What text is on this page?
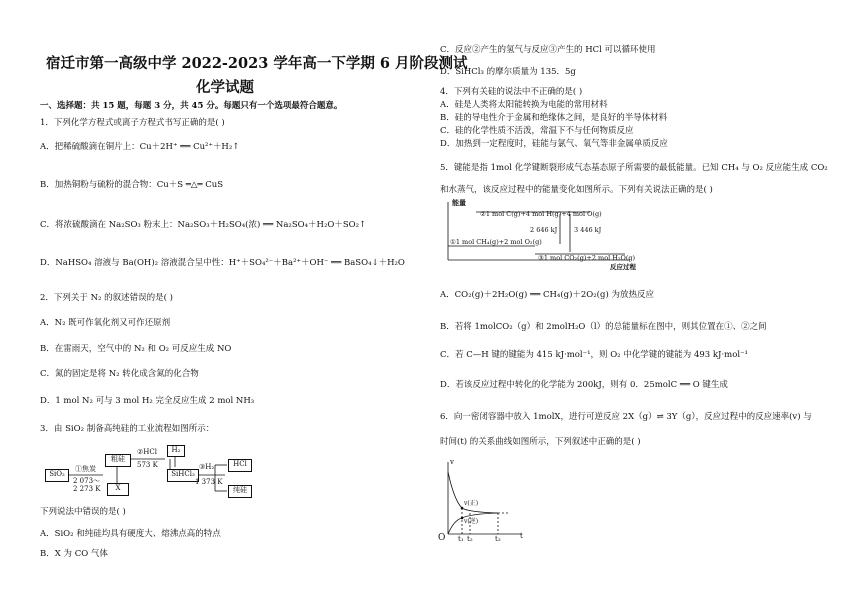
宿迁市第一高级中学 2022-2023 学年高一下学期 6 月阶段测试
化学试题
一、选择题：共 15 题，每题 3 分，共 45 分。每题只有一个选项最符合题意。
1．下列化学方程式或离子方程式书写正确的是( )
A．把稀硫酸滴在铜片上：Cu＋2H⁺ ══ Cu²⁺＋H₂↑
B．加热铜粉与硫粉的混合物：Cu＋S ═△═ CuS
C．将浓硫酸滴在 Na₂SO₃ 粉末上：Na₂SO₃＋H₂SO₄(浓) ══ Na₂SO₄＋H₂O＋SO₂↑
D．NaHSO₄ 溶液与 Ba(OH)₂ 溶液混合呈中性：H⁺＋SO₄²⁻＋Ba²⁺＋OH⁻ ══ BaSO₄↓＋H₂O
2．下列关于 N₂ 的叙述错误的是( )
A．N₂ 既可作氧化剂又可作还原剂
B．在雷雨天，空气中的 N₂ 和 O₂ 可反应生成 NO
C．氮的固定是将 N₂ 转化成含氮的化合物
D．1 mol N₂ 可与 3 mol H₂ 完全反应生成 2 mol NH₃
3．由 SiO₂ 制备高纯硅的工业流程如图所示：
SiO₂
①焦炭
2 073～
2 273 K
粗硅
X
②HCl
573 K
H₂
SiHCl₃
③H₂
1 373 K
HCl
纯硅
下列说法中错误的是( )
A．SiO₂ 和纯硅均具有硬度大、熔沸点高的特点
B．X 为 CO 气体
C．反应②产生的氢气与反应③产生的 HCl 可以循环使用
D．SiHCl₃ 的摩尔质量为 135．5g
4．下列有关硅的说法中不正确的是( )
A．硅是人类将太阳能转换为电能的常用材料
B．硅的导电性介于金属和绝缘体之间，是良好的半导体材料
C．硅的化学性质不活泼，常温下不与任何物质反应
D．加热到一定程度时，硅能与氯气、氧气等非金属单质反应
5．键能是指 1mol 化学键断裂形成气态基态原子所需要的最低能量。已知 CH₄ 与 O₂ 反应能生成 CO₂
和水蒸气，该反应过程中的能量变化如图所示。下列有关说法正确的是( )
能量
②1 mol C(g)+4 mol H(g)+4 mol O(g)
①1 mol CH₄(g)+2 mol O₂(g)
③1 mol CO₂(g)+2 mol H₂O(g)
2 646 kJ	3 446 kJ
反应过程
A．CO₂(g)＋2H₂O(g) ══ CH₄(g)＋2O₂(g) 为放热反应
B．若将 1molCO₂（g）和 2molH₂O（l）的总能量标在图中，则其位置在①、②之间
C．若 C—H 键的键能为 415 kJ·mol⁻¹，则 O₂ 中化学键的键能为 493 kJ·mol⁻¹
D．若该反应过程中转化的化学能为 200kJ，则有 0．25molC ══ O 键生成
6．向一密闭容器中放入 1molX，进行可逆反应 2X（g）⇌ 3Y（g），反应过程中的反应速率(v) 与
时间(t) 的关系曲线如图所示，下列叙述中正确的是( )
v
O t₁ t₂	t₃	t
v(正)
v(逆)
